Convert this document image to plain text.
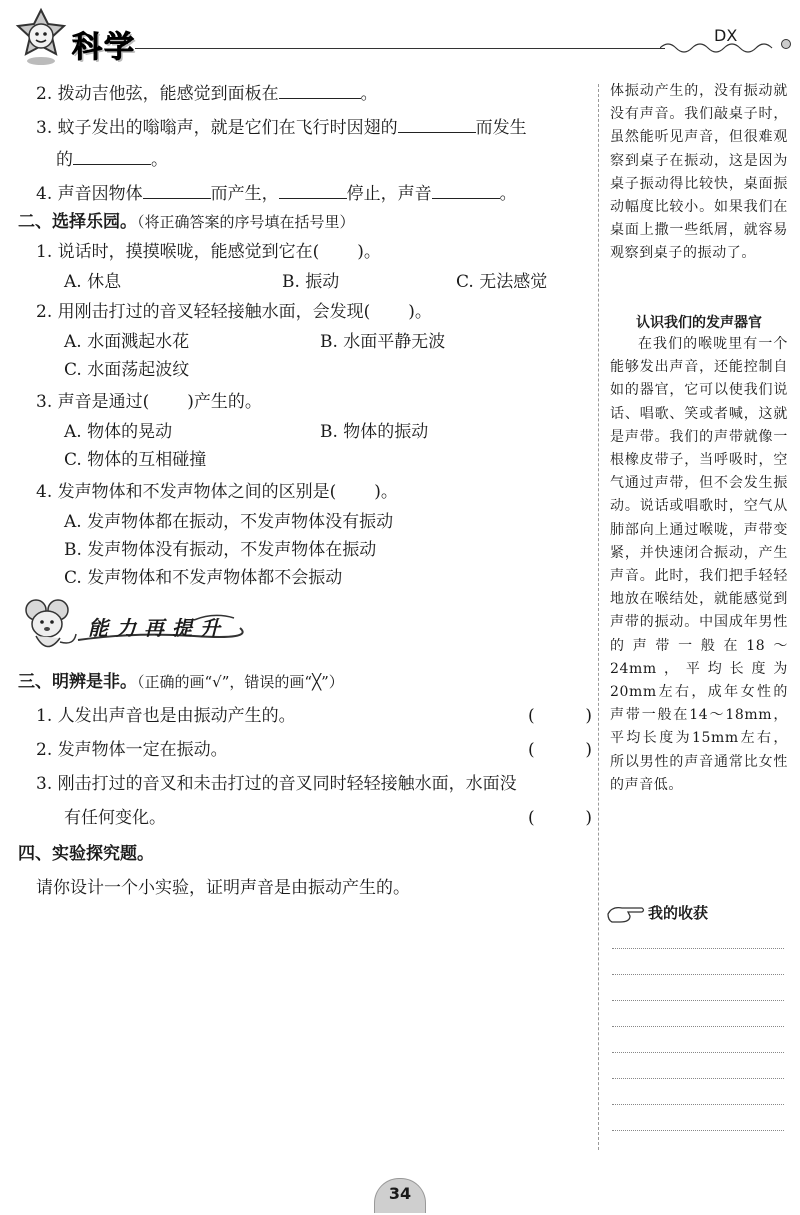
科学	DX
2. 拨动吉他弦，能感觉到面板在	。
3. 蚊子发出的嗡嗡声，就是它们在飞行时因翅的	而发生
的	。
4. 声音因物体	而产生，	停止，声音	。
二、选择乐园。（将正确答案的序号填在括号里）
1. 说话时，摸摸喉咙，能感觉到它在( )。
A. 休息	B. 振动	C. 无法感觉
2. 用刚击打过的音叉轻轻接触水面，会发现( )。
A. 水面溅起水花	B. 水面平静无波
C. 水面荡起波纹
3. 声音是通过( )产生的。
A. 物体的晃动	B. 物体的振动
C. 物体的互相碰撞
4. 发声物体和不发声物体之间的区别是( )。
A. 发声物体都在振动，不发声物体没有振动
B. 发声物体没有振动，不发声物体在振动
C. 发声物体和不发声物体都不会振动
能力再提升
三、明辨是非。（正确的画“√”，错误的画“╳”）
1. 人发出声音也是由振动产生的。	(	)
2. 发声物体一定在振动。	(	)
3. 刚击打过的音叉和未击打过的音叉同时轻轻接触水面，水面没
有任何变化。	(	)
四、实验探究题。
请你设计一个小实验，证明声音是由振动产生的。
体振动产生的，没有振动就没有声音。我们敲桌子时，虽然能听见声音，但很难观察到桌子在振动，这是因为桌子振动得比较快，桌面振动幅度比较小。如果我们在桌面上撒一些纸屑，就容易观察到桌子的振动了。
认识我们的发声器官
在我们的喉咙里有一个能够发出声音，还能控制自如的器官，它可以使我们说话、唱歌、笑或者喊，这就是声带。我们的声带就像一根橡皮带子，当呼吸时，空气通过声带，但不会发生振动。说话或唱歌时，空气从肺部向上通过喉咙，声带变紧，并快速闭合振动，产生声音。此时，我们把手轻轻地放在喉结处，就能感觉到声带的振动。中国成年男性的声带一般在18～24mm，平均长度为20mm左右，成年女性的声带一般在14～18mm，平均长度为15mm左右，所以男性的声音通常比女性的声音低。
我的收获
34
